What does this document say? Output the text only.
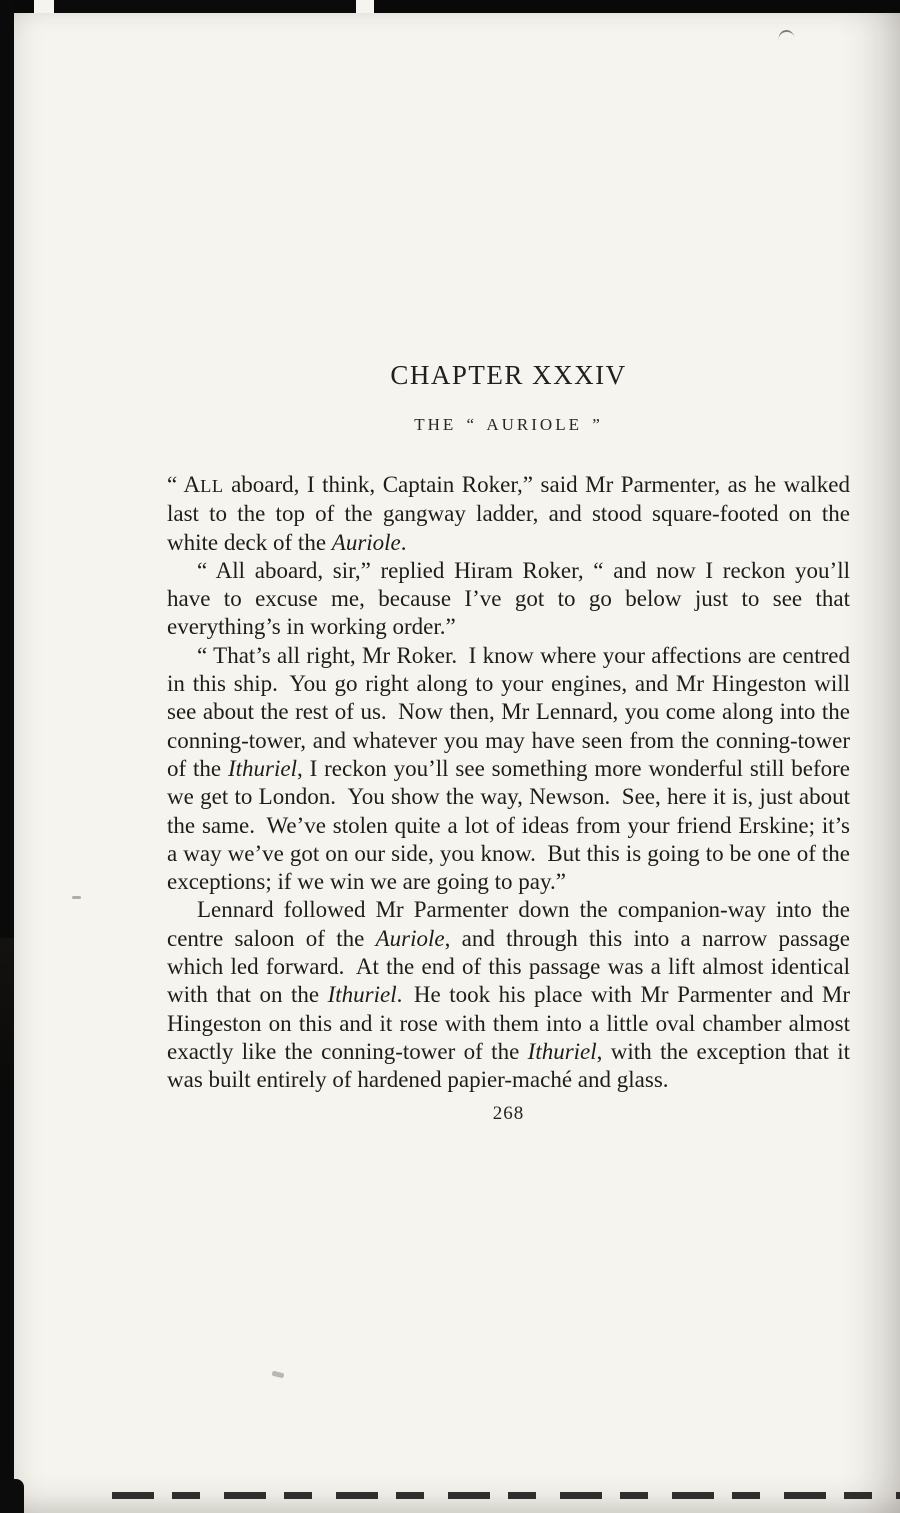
CHAPTER XXXIV
THE “ AURIOLE ”

“ ALL aboard, I think, Captain Roker,” said Mr Parmenter, as he walked last to the top of the gangway ladder, and stood square-footed on the white deck of the Auriole.

“ All aboard, sir,” replied Hiram Roker, “ and now I reckon you’ll have to excuse me, because I’ve got to go below just to see that everything’s in working order.”

“ That’s all right, Mr Roker. I know where your affections are centred in this ship. You go right along to your engines, and Mr Hingeston will see about the rest of us. Now then, Mr Lennard, you come along into the conning-tower, and whatever you may have seen from the conning-tower of the Ithuriel, I reckon you’ll see something more wonderful still before we get to London. You show the way, Newson. See, here it is, just about the same. We’ve stolen quite a lot of ideas from your friend Erskine; it’s a way we’ve got on our side, you know. But this is going to be one of the exceptions; if we win we are going to pay.”

Lennard followed Mr Parmenter down the companion-way into the centre saloon of the Auriole, and through this into a narrow passage which led forward. At the end of this passage was a lift almost identical with that on the Ithuriel. He took his place with Mr Parmenter and Mr Hingeston on this and it rose with them into a little oval chamber almost exactly like the conning-tower of the Ithuriel, with the exception that it was built entirely of hardened papier-maché and glass.

268
